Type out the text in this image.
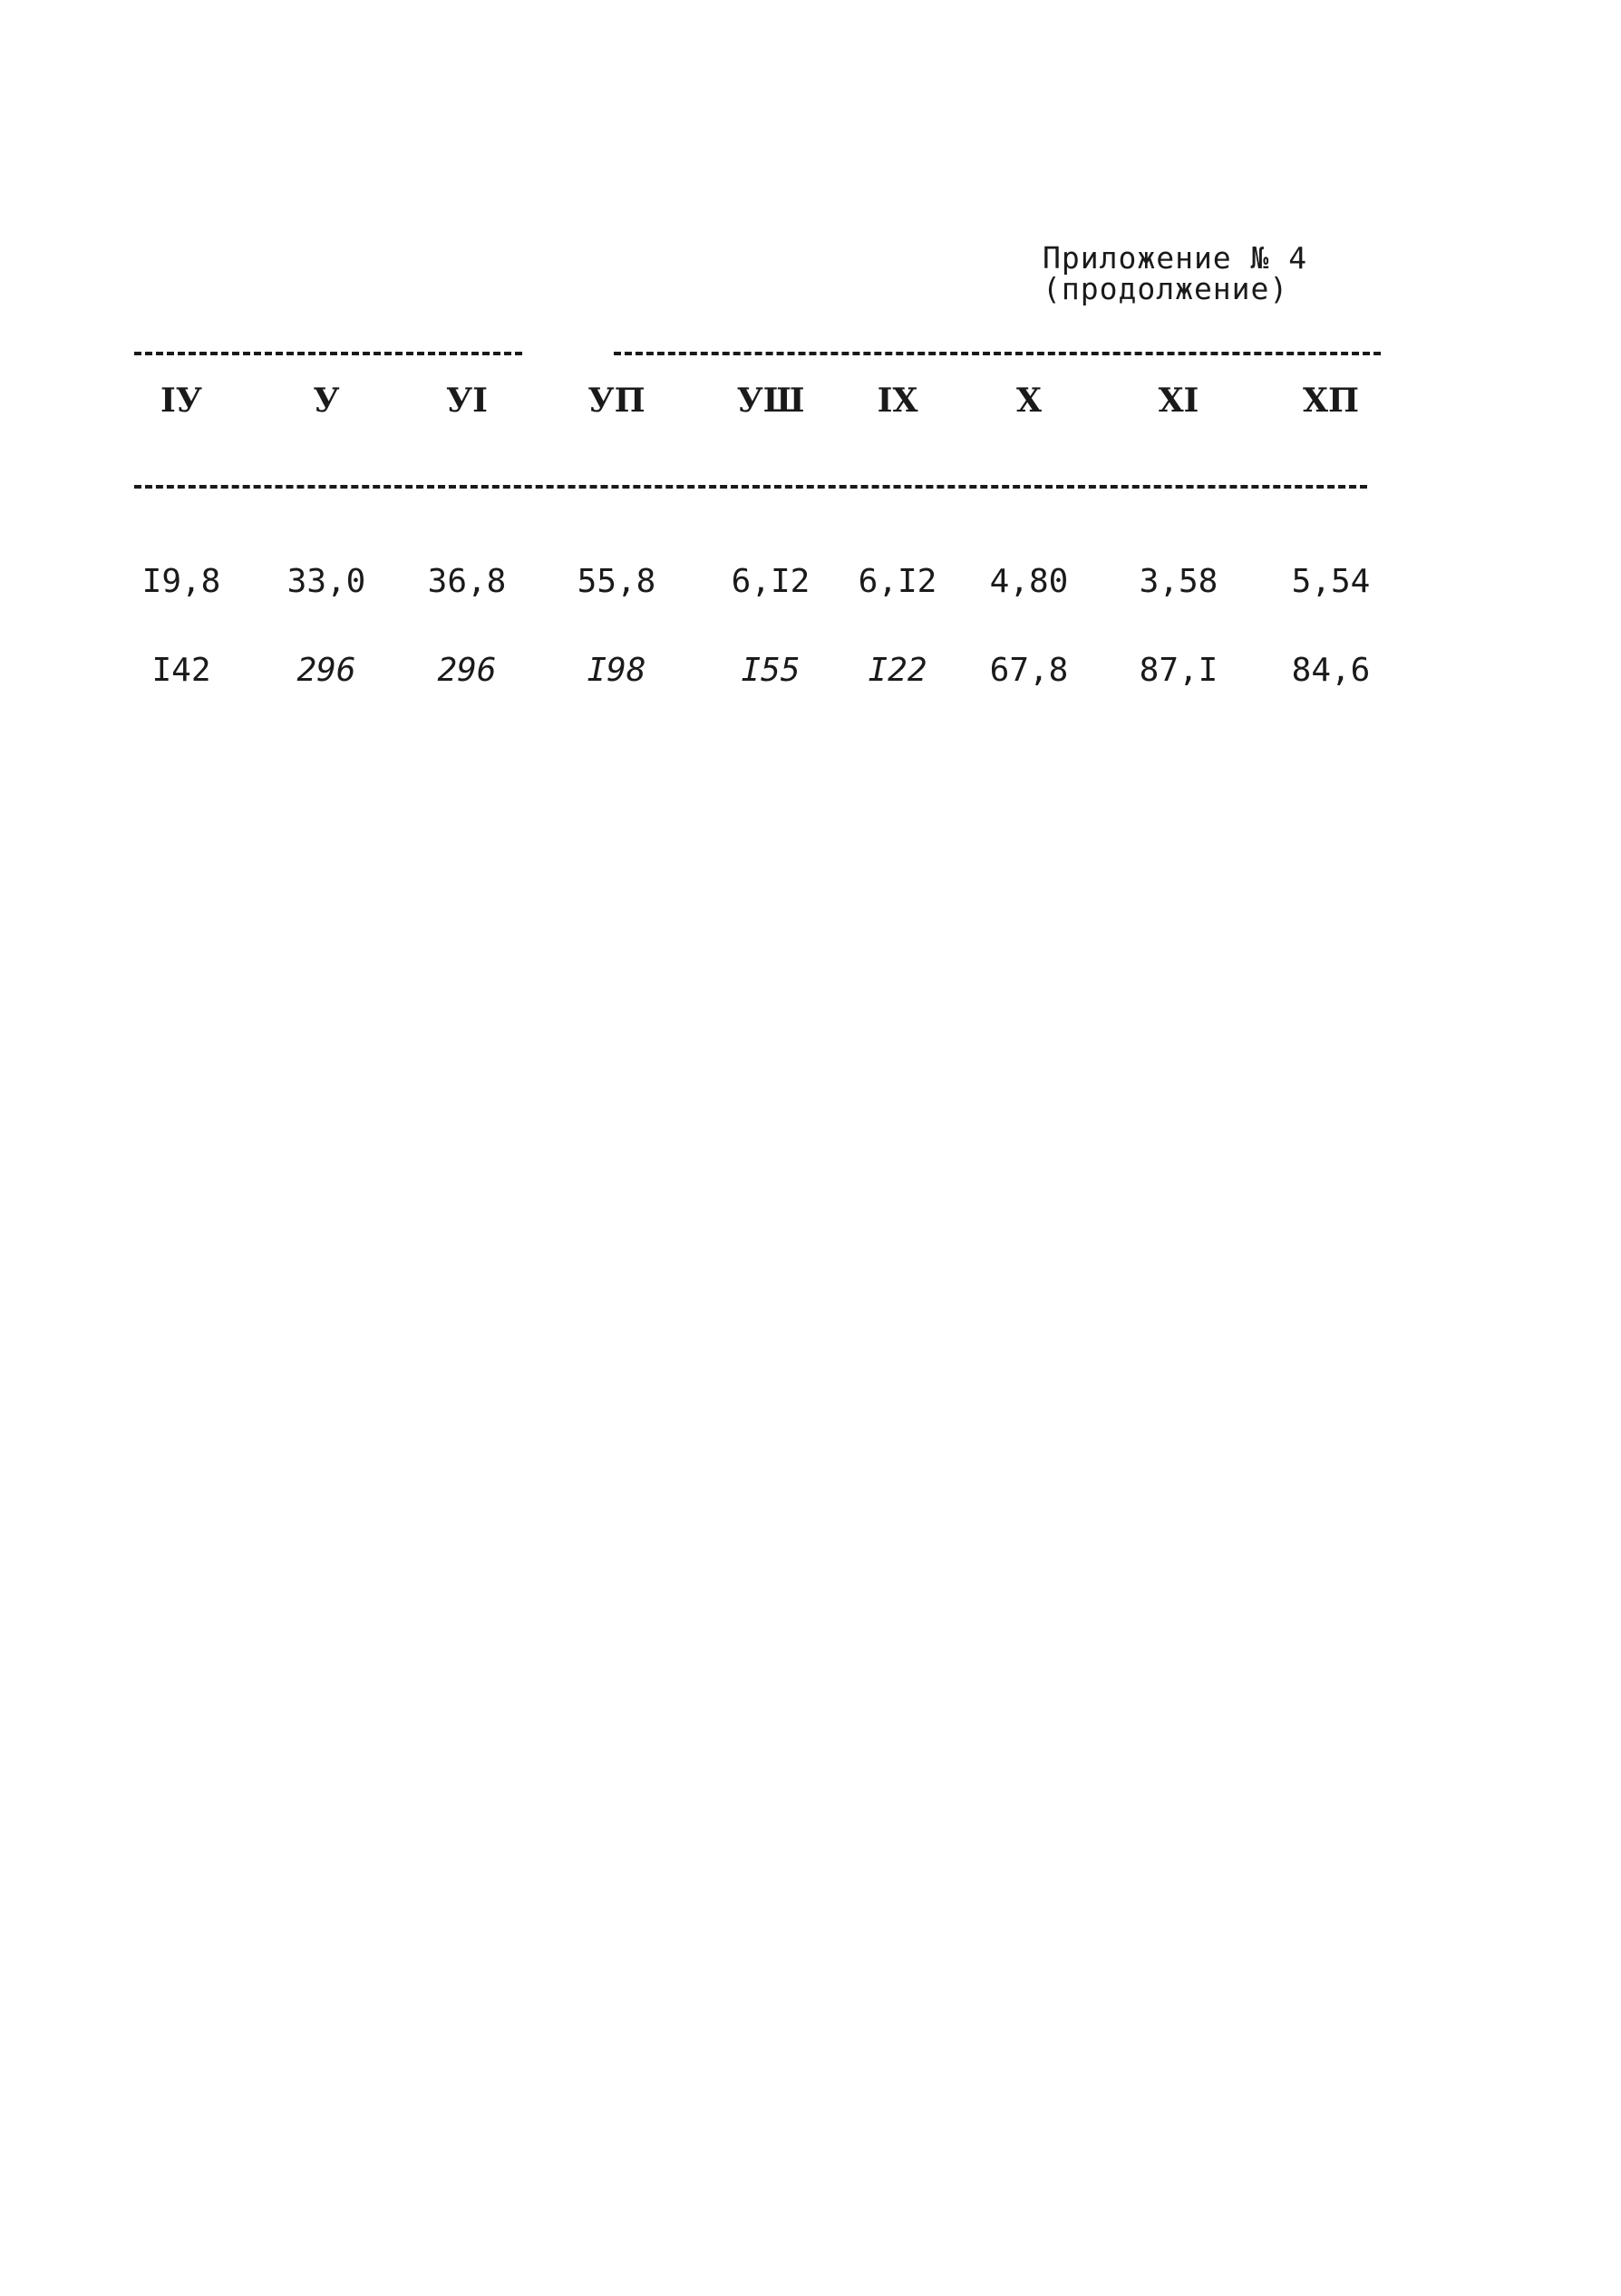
Приложение № 4
(продолжение)
IУ	У	УI	УП	УШ	IX	X	XI	XП
I9,8	33,0	36,8	55,8	6,I2	6,I2	4,80	3,58	5,54
I42	296	296	I98	I55	I22	67,8	87,I	84,6
